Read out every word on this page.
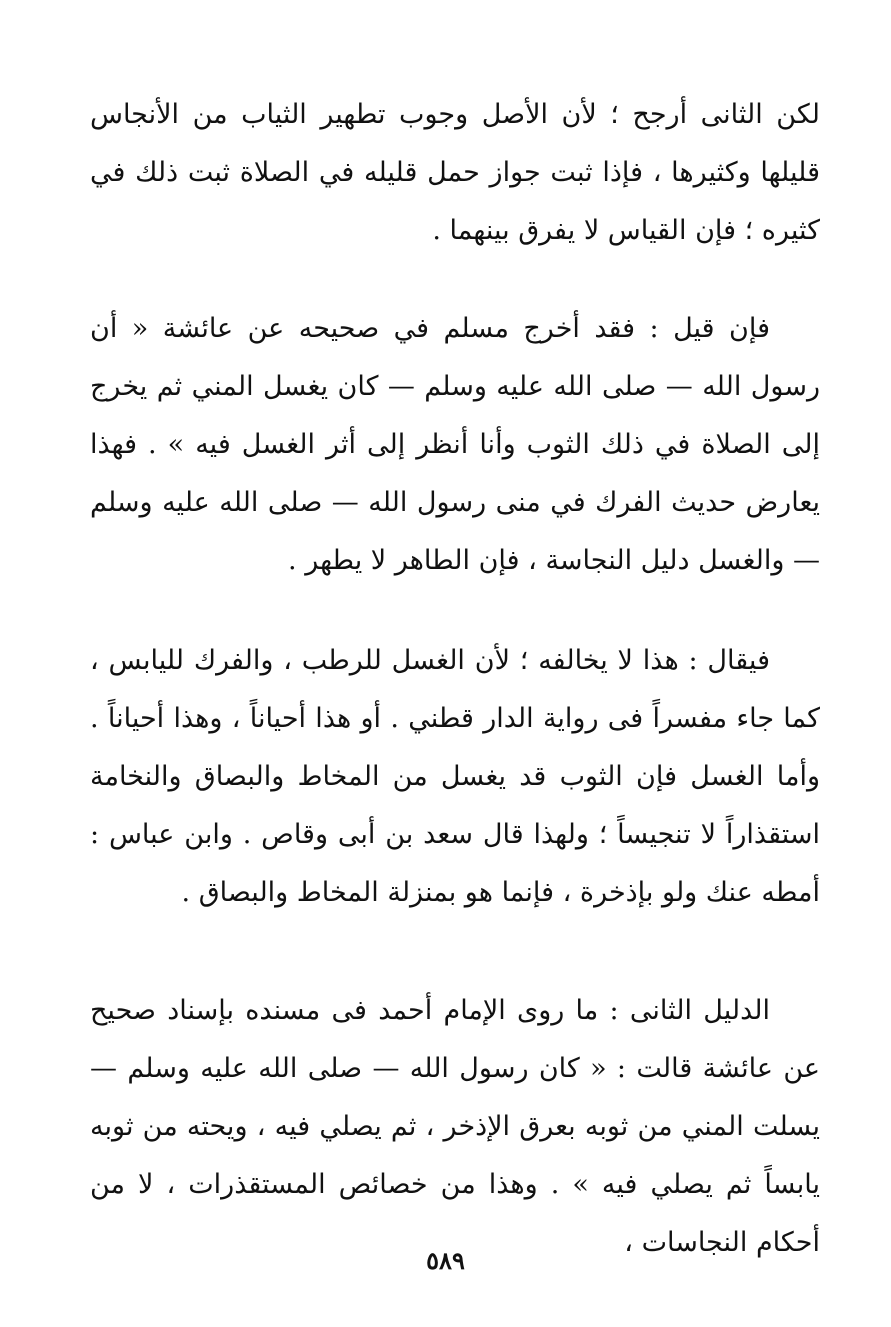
لكن الثانى أرجح ؛ لأن الأصل وجوب تطهير الثياب من الأنجاس قليلها وكثيرها ، فإذا ثبت جواز حمل قليله في الصلاة ثبت ذلك في كثيره ؛ فإن القياس لا يفرق بينهما .

فإن قيل : فقد أخرج مسلم في صحيحه عن عائشة « أن رسول الله — صلى الله عليه وسلم — كان يغسل المني ثم يخرج إلى الصلاة في ذلك الثوب وأنا أنظر إلى أثر الغسل فيه » . فهذا يعارض حديث الفرك في منى رسول الله — صلى الله عليه وسلم — والغسل دليل النجاسة ، فإن الطاهر لا يطهر .

فيقال : هذا لا يخالفه ؛ لأن الغسل للرطب ، والفرك لليابس ، كما جاء مفسراً فى رواية الدار قطني . أو هذا أحياناً ، وهذا أحياناً . وأما الغسل فإن الثوب قد يغسل من المخاط والبصاق والنخامة استقذاراً لا تنجيساً ؛ ولهذا قال سعد بن أبى وقاص . وابن عباس : أمطه عنك ولو بإذخرة ، فإنما هو بمنزلة المخاط والبصاق .

الدليل الثانى : ما روى الإمام أحمد فى مسنده بإسناد صحيح عن عائشة قالت : « كان رسول الله — صلى الله عليه وسلم — يسلت المني من ثوبه بعرق الإذخر ، ثم يصلي فيه ، ويحته من ثوبه يابساً ثم يصلي فيه » . وهذا من خصائص المستقذرات ، لا من أحكام النجاسات ،

٥٨٩
